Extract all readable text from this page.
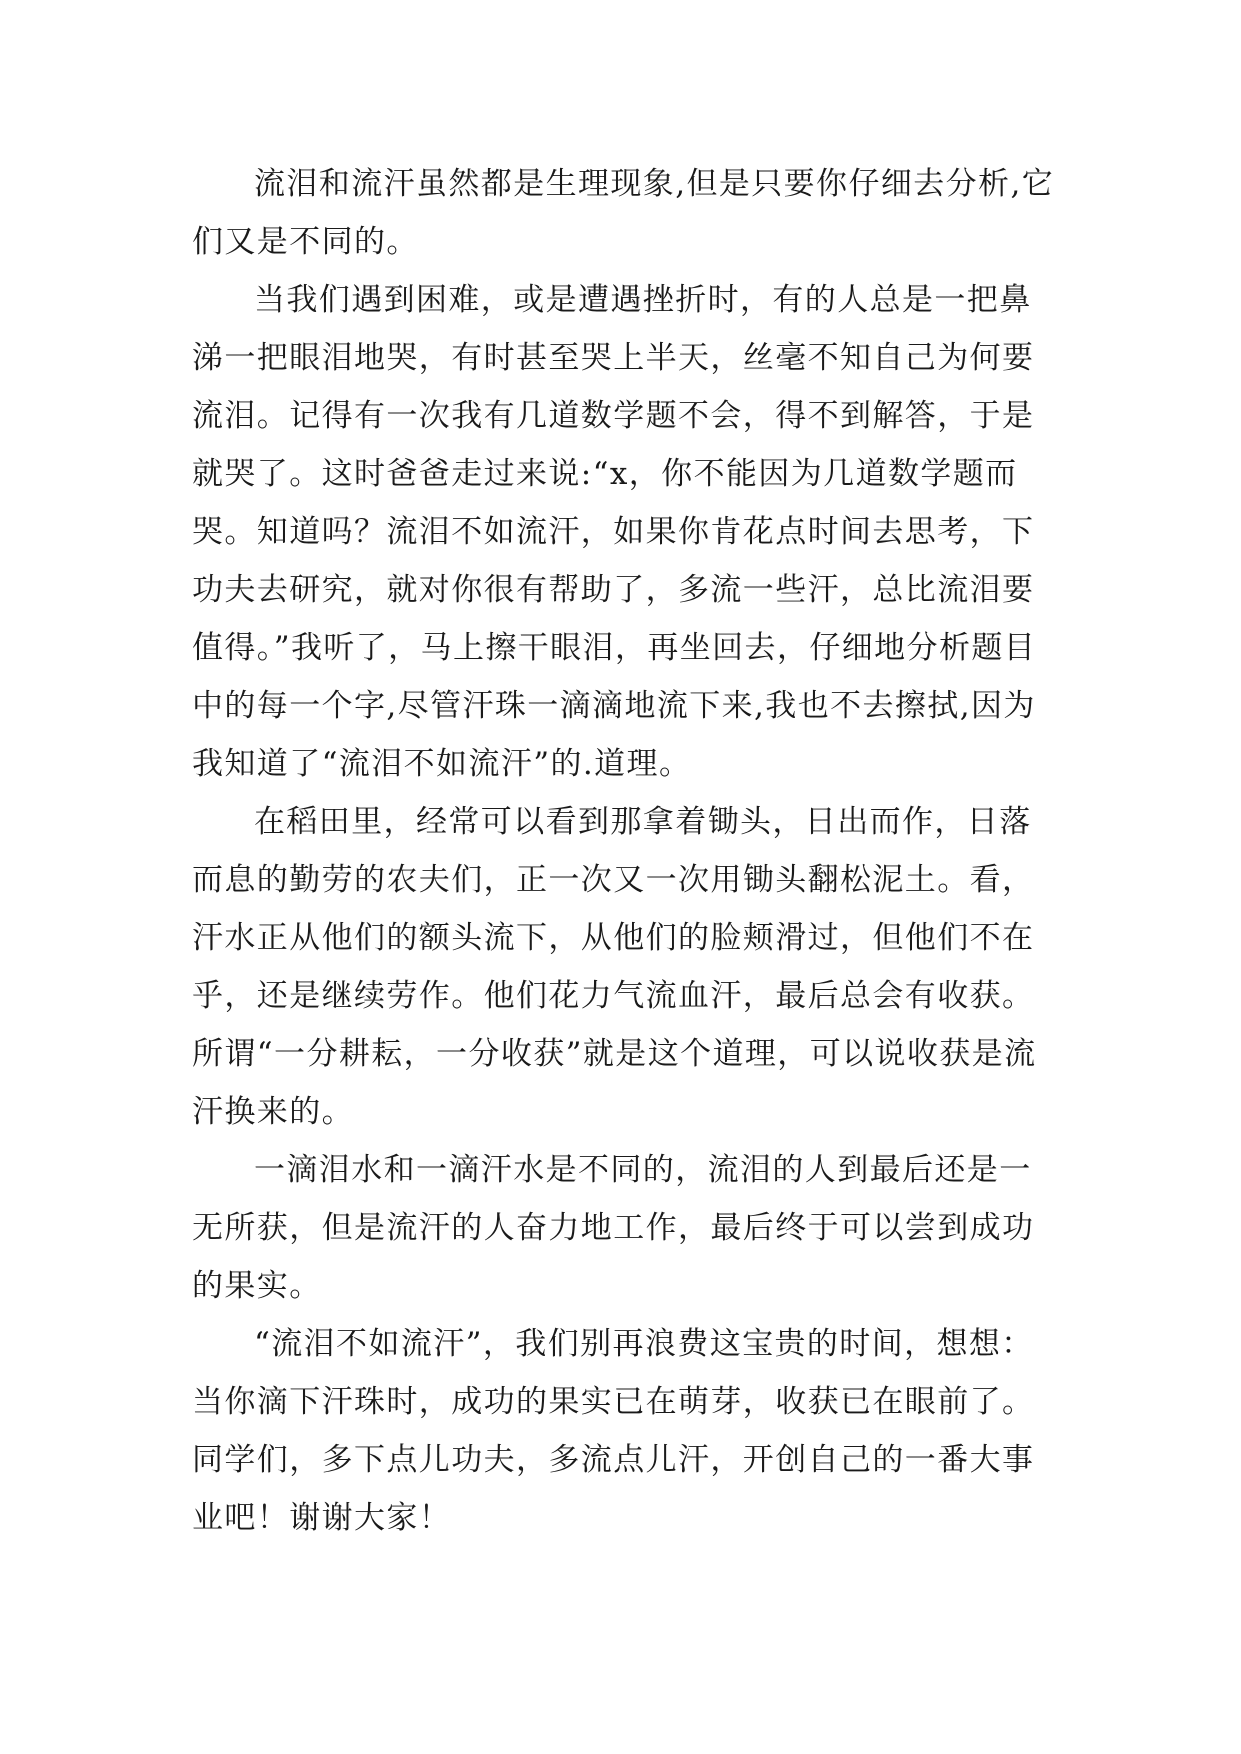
流泪和流汗虽然都是生理现象,但是只要你仔细去分析,它们又是不同的。

当我们遇到困难，或是遭遇挫折时，有的人总是一把鼻涕一把眼泪地哭，有时甚至哭上半天，丝毫不知自己为何要流泪。记得有一次我有几道数学题不会，得不到解答，于是就哭了。这时爸爸走过来说:“x，你不能因为几道数学题而哭。知道吗？流泪不如流汗，如果你肯花点时间去思考，下功夫去研究，就对你很有帮助了，多流一些汗，总比流泪要值得。”我听了，马上擦干眼泪，再坐回去，仔细地分析题目中的每一个字,尽管汗珠一滴滴地流下来,我也不去擦拭,因为我知道了“流泪不如流汗”的.道理。

在稻田里，经常可以看到那拿着锄头，日出而作，日落而息的勤劳的农夫们，正一次又一次用锄头翻松泥土。看，汗水正从他们的额头流下，从他们的脸颊滑过，但他们不在乎，还是继续劳作。他们花力气流血汗，最后总会有收获。所谓“一分耕耘，一分收获”就是这个道理，可以说收获是流汗换来的。

一滴泪水和一滴汗水是不同的，流泪的人到最后还是一无所获，但是流汗的人奋力地工作，最后终于可以尝到成功的果实。

“流泪不如流汗”，我们别再浪费这宝贵的时间，想想：当你滴下汗珠时，成功的果实已在萌芽，收获已在眼前了。同学们，多下点儿功夫，多流点儿汗，开创自己的一番大事业吧！谢谢大家！
